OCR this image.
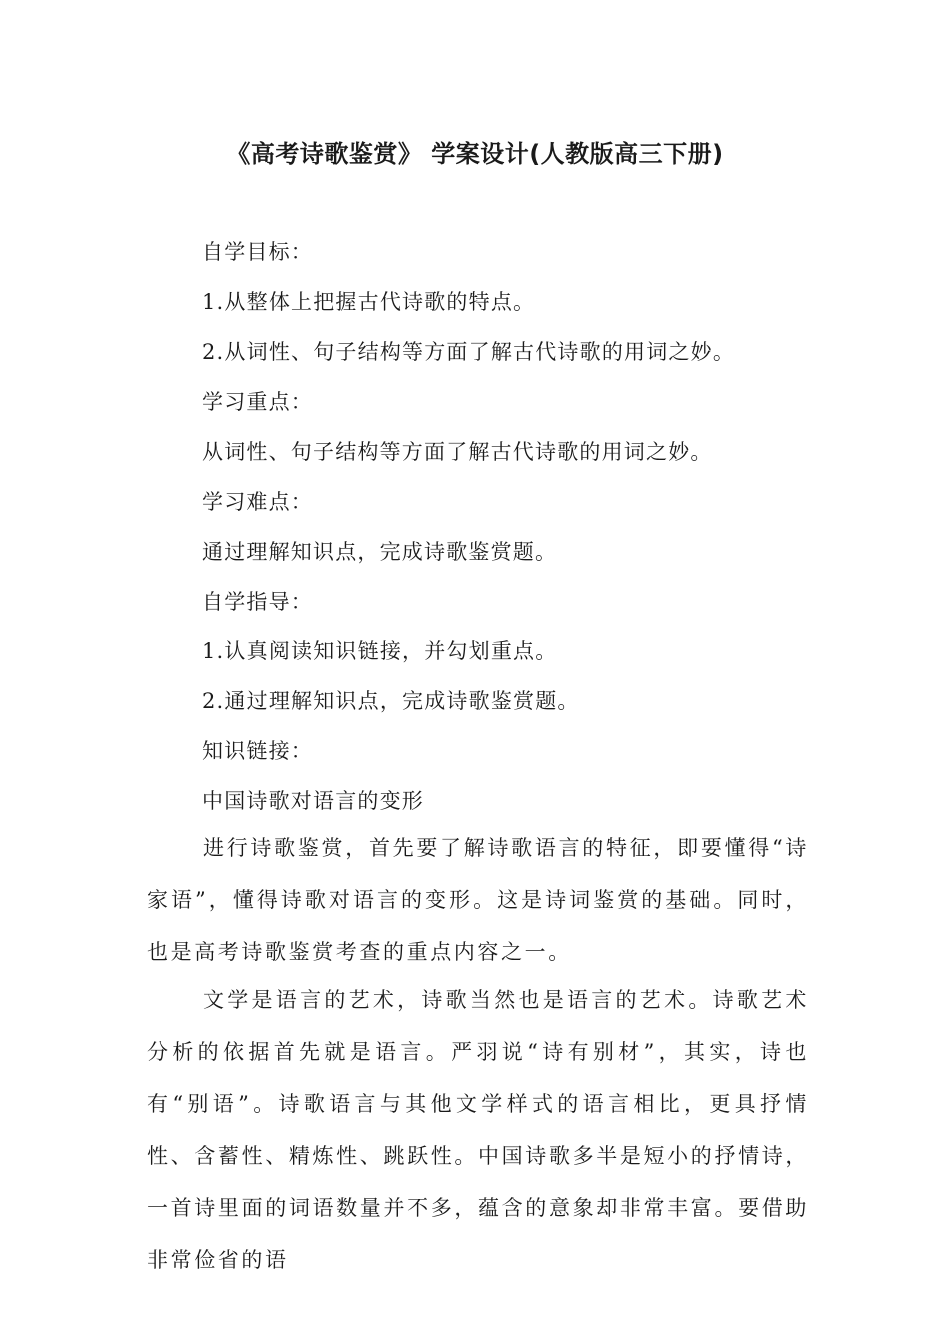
《高考诗歌鉴赏》 学案设计(人教版高三下册)

自学目标：

1.从整体上把握古代诗歌的特点。

2.从词性、句子结构等方面了解古代诗歌的用词之妙。

学习重点：

从词性、句子结构等方面了解古代诗歌的用词之妙。

学习难点：

通过理解知识点，完成诗歌鉴赏题。

自学指导：

1.认真阅读知识链接，并勾划重点。

2.通过理解知识点，完成诗歌鉴赏题。

知识链接：

中国诗歌对语言的变形

进行诗歌鉴赏，首先要了解诗歌语言的特征，即要懂得“诗家语”，懂得诗歌对语言的变形。这是诗词鉴赏的基础。同时，也是高考诗歌鉴赏考查的重点内容之一。

文学是语言的艺术，诗歌当然也是语言的艺术。诗歌艺术分析的依据首先就是语言。严羽说“诗有别材”，其实，诗也有“别语”。诗歌语言与其他文学样式的语言相比，更具抒情性、含蓄性、精炼性、跳跃性。中国诗歌多半是短小的抒情诗，一首诗里面的词语数量并不多，蕴含的意象却非常丰富。要借助非常俭省的语
